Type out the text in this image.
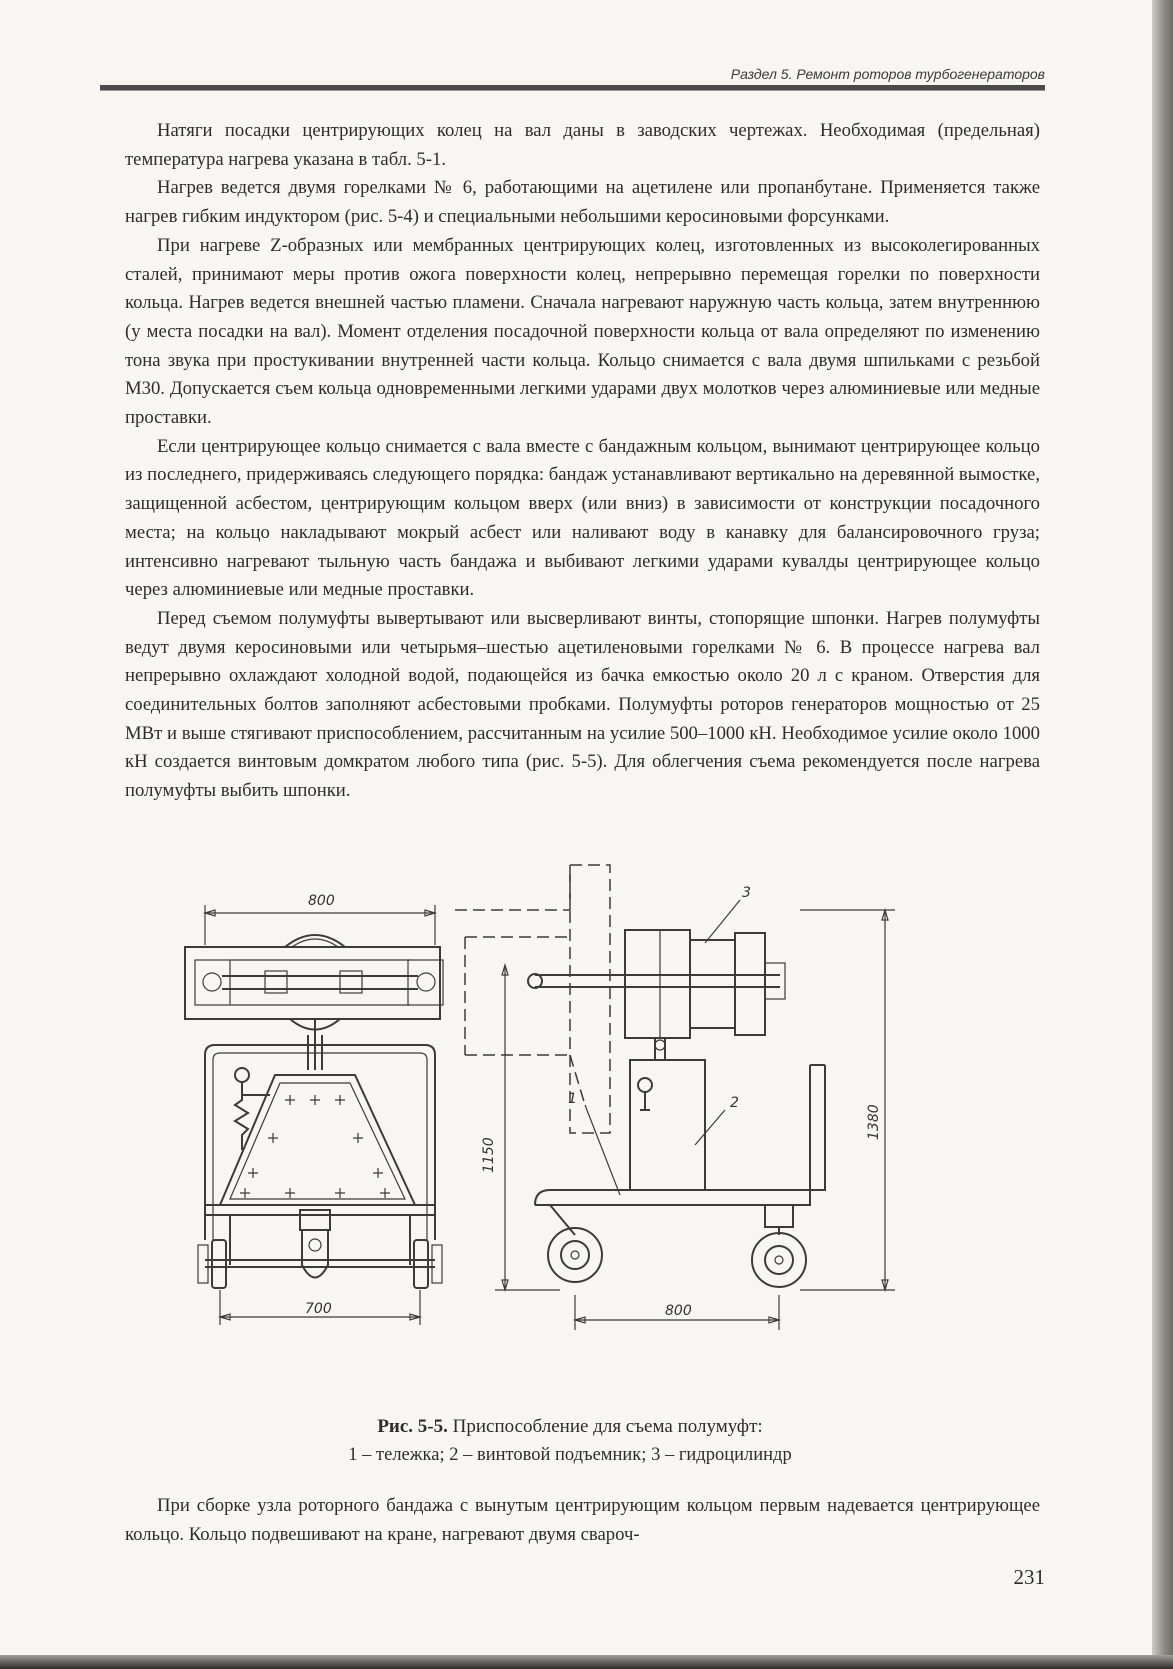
Раздел 5. Ремонт роторов турбогенераторов

Натяги посадки центрирующих колец на вал даны в заводских чертежах. Необходимая (предельная) температура нагрева указана в табл. 5-1.

Нагрев ведется двумя горелками № 6, работающими на ацетилене или пропанбутане. Применяется также нагрев гибким индуктором (рис. 5-4) и специальными небольшими керосиновыми форсунками.

При нагреве Z-образных или мембранных центрирующих колец, изготовленных из высоколегированных сталей, принимают меры против ожога поверхности колец, непрерывно перемещая горелки по поверхности кольца. Нагрев ведется внешней частью пламени. Сначала нагревают наружную часть кольца, затем внутреннюю (у места посадки на вал). Момент отделения посадочной поверхности кольца от вала определяют по изменению тона звука при простукивании внутренней части кольца. Кольцо снимается с вала двумя шпильками с резьбой М30. Допускается съем кольца одновременными легкими ударами двух молотков через алюминиевые или медные проставки.

Если центрирующее кольцо снимается с вала вместе с бандажным кольцом, вынимают центрирующее кольцо из последнего, придерживаясь следующего порядка: бандаж устанавливают вертикально на деревянной вымостке, защищенной асбестом, центрирующим кольцом вверх (или вниз) в зависимости от конструкции посадочного места; на кольцо накладывают мокрый асбест или наливают воду в канавку для балансировочного груза; интенсивно нагревают тыльную часть бандажа и выбивают легкими ударами кувалды центрирующее кольцо через алюминиевые или медные проставки.

Перед съемом полумуфты вывертывают или высверливают винты, стопорящие шпонки. Нагрев полумуфты ведут двумя керосиновыми или четырьмя–шестью ацетиленовыми горелками № 6. В процессе нагрева вал непрерывно охлаждают холодной водой, подающейся из бачка емкостью около 20 л с краном. Отверстия для соединительных болтов заполняют асбестовыми пробками. Полумуфты роторов генераторов мощностью от 25 МВт и выше стягивают приспособлением, рассчитанным на усилие 500–1000 кН. Необходимое усилие около 1000 кН создается винтовым домкратом любого типа (рис. 5-5). Для облегчения съема рекомендуется после нагрева полумуфты выбить шпонки.

800
700
3
2
1
1150
1380
800
Рис. 5-5. Приспособление для съема полумуфт:
1 – тележка; 2 – винтовой подъемник; 3 – гидроцилиндр

При сборке узла роторного бандажа с вынутым центрирующим кольцом первым надевается центрирующее кольцо. Кольцо подвешивают на кране, нагревают двумя свароч-

231
